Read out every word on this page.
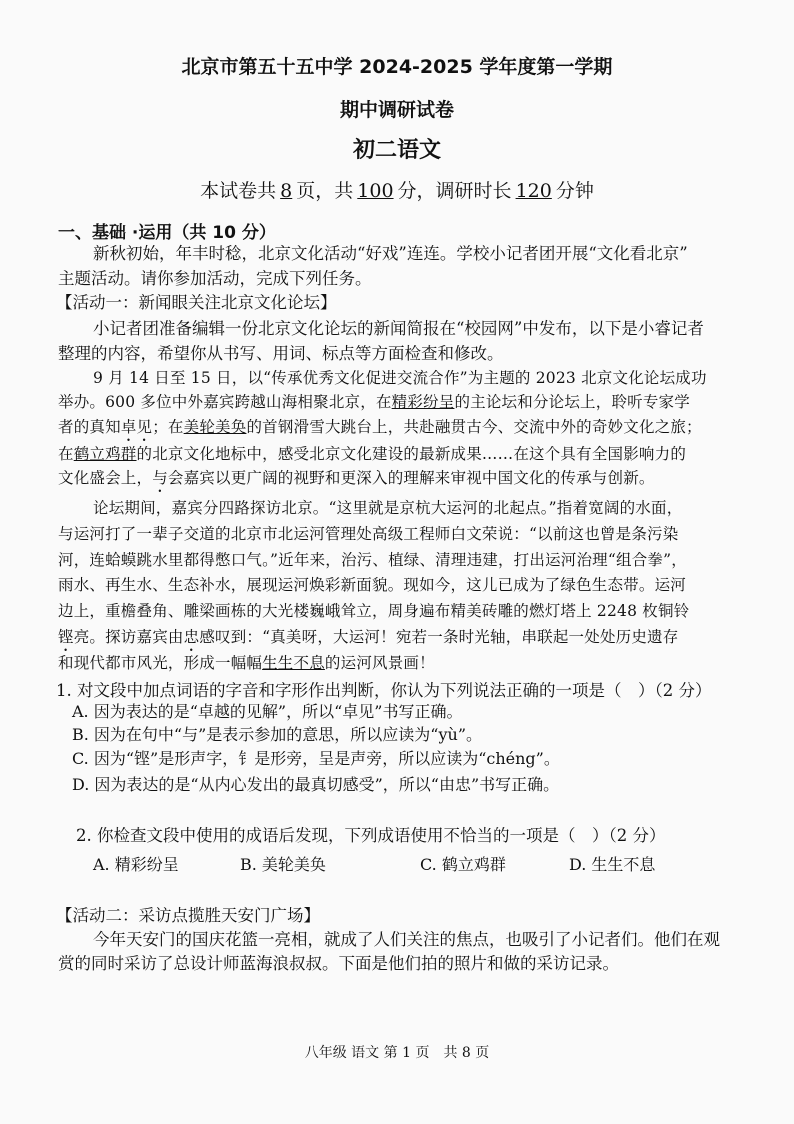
北京市第五十五中学 2024-2025 学年度第一学期
期中调研试卷
初二语文
本试卷共 8 页，共 100 分，调研时长 120 分钟
一、基础 ·运用（共 10 分）
新秋初始，年丰时稔，北京文化活动“好戏”连连。学校小记者团开展“文化看北京”
主题活动。请你参加活动，完成下列任务。
【活动一：新闻眼关注北京文化论坛】
小记者团准备编辑一份北京文化论坛的新闻简报在“校园网”中发布，以下是小睿记者
整理的内容，希望你从书写、用词、标点等方面检查和修改。
9 月 14 日至 15 日，以“传承优秀文化促进交流合作”为主题的 2023 北京文化论坛成功
举办。600 多位中外嘉宾跨越山海相聚北京，在精彩纷呈的主论坛和分论坛上，聆听专家学
者的真知卓见；在美轮美奂的首钢滑雪大跳台上，共赴融贯古今、交流中外的奇妙文化之旅；
在鹤立鸡群的北京文化地标中，感受北京文化建设的最新成果……在这个具有全国影响力的
文化盛会上，与会嘉宾以更广阔的视野和更深入的理解来审视中国文化的传承与创新。
论坛期间，嘉宾分四路探访北京。“这里就是京杭大运河的北起点。”指着宽阔的水面，
与运河打了一辈子交道的北京市北运河管理处高级工程师白文荣说：“以前这也曾是条污染
河，连蛤蟆跳水里都得憋口气。”近年来，治污、植绿、清理违建，打出运河治理“组合拳”，
雨水、再生水、生态补水，展现运河焕彩新面貌。现如今，这儿已成为了绿色生态带。运河
边上，重檐叠角、雕梁画栋的大光楼巍峨耸立，周身遍布精美砖雕的燃灯塔上 2248 枚铜铃
铿亮。探访嘉宾由忠感叹到：“真美呀，大运河！宛若一条时光轴，串联起一处处历史遗存
和现代都市风光，形成一幅幅生生不息的运河风景画！
1. 对文段中加点词语的字音和字形作出判断，你认为下列说法正确的一项是（　）（2 分）
A. 因为表达的是“卓越的见解”，所以“卓见”书写正确。
B. 因为在句中“与”是表示参加的意思，所以应读为“yù”。
C. 因为“铿”是形声字，钅是形旁，呈是声旁，所以应读为“chéng”。
D. 因为表达的是“从内心发出的最真切感受”，所以“由忠”书写正确。
2. 你检查文段中使用的成语后发现，下列成语使用不恰当的一项是（　）（2 分）
A. 精彩纷呈	B. 美轮美奂	C. 鹤立鸡群	D. 生生不息
【活动二：采访点揽胜天安门广场】
今年天安门的国庆花篮一亮相，就成了人们关注的焦点，也吸引了小记者们。他们在观
赏的同时采访了总设计师蓝海浪叔叔。下面是他们拍的照片和做的采访记录。
八年级 语文 第 1 页　共 8 页
